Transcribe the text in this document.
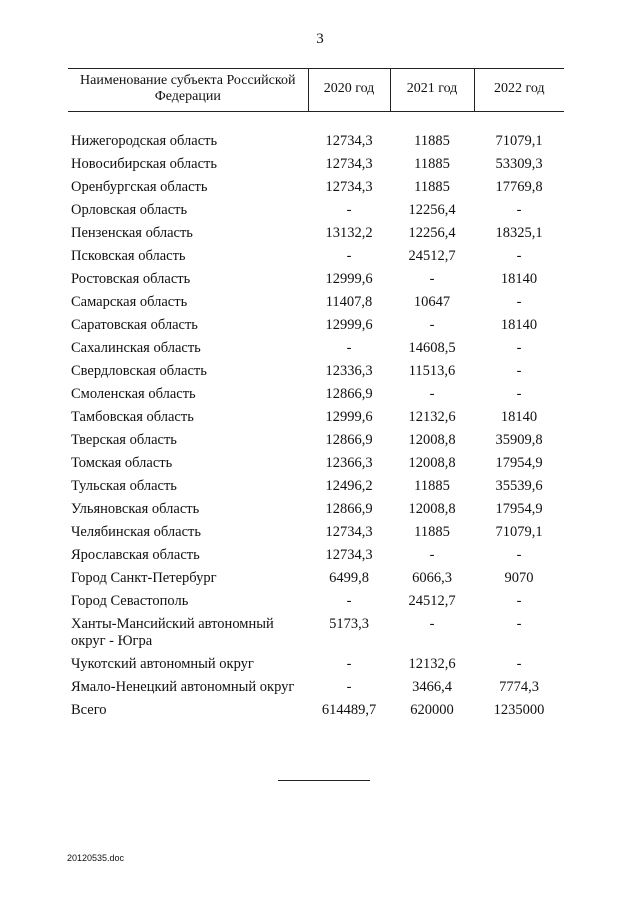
3
Наименование субъекта Российской Федерации	2020 год	2021 год	2022 год

Нижегородская область	12734,3	11885	71079,1
Новосибирская область	12734,3	11885	53309,3
Оренбургская область	12734,3	11885	17769,8
Орловская область	-	12256,4	-
Пензенская область	13132,2	12256,4	18325,1
Псковская область	-	24512,7	-
Ростовская область	12999,6	-	18140
Самарская область	11407,8	10647	-
Саратовская область	12999,6	-	18140
Сахалинская область	-	14608,5	-
Свердловская область	12336,3	11513,6	-
Смоленская область	12866,9	-	-
Тамбовская область	12999,6	12132,6	18140
Тверская область	12866,9	12008,8	35909,8
Томская область	12366,3	12008,8	17954,9
Тульская область	12496,2	11885	35539,6
Ульяновская область	12866,9	12008,8	17954,9
Челябинская область	12734,3	11885	71079,1
Ярославская область	12734,3	-	-
Город Санкт-Петербург	6499,8	6066,3	9070
Город Севастополь	-	24512,7	-
Ханты-Мансийский автономный округ - Югра	5173,3	-	-
Чукотский автономный округ	-	12132,6	-
Ямало-Ненецкий автономный округ	-	3466,4	7774,3
Всего	614489,7	620000	1235000
20120535.doc
